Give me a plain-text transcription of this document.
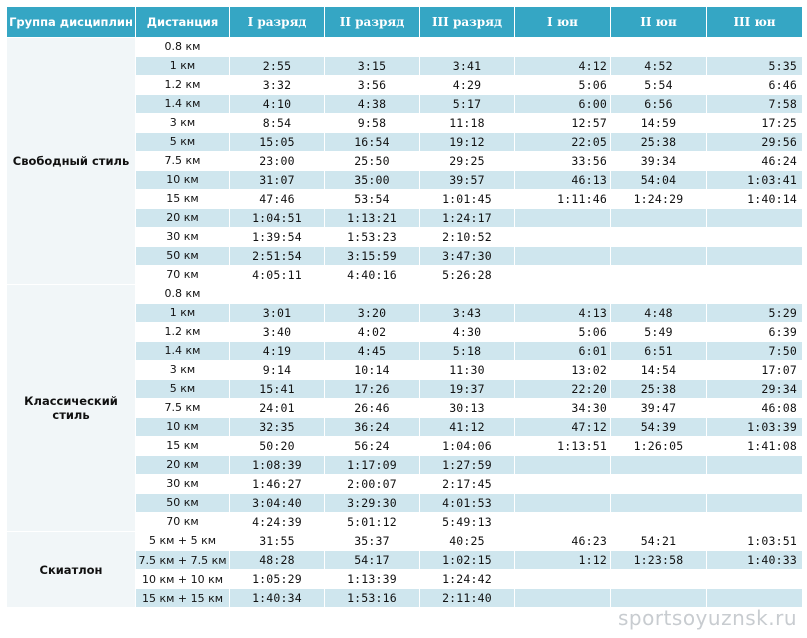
Группа дисциплин	Дистанция	I разряд	II разряд	III разряд	I юн	II юн	III юн
Свободный стиль	0.8 км						
	1 км	2:55	3:15	3:41	4:12	4:52	5:35
	1.2 км	3:32	3:56	4:29	5:06	5:54	6:46
	1.4 км	4:10	4:38	5:17	6:00	6:56	7:58
	3 км	8:54	9:58	11:18	12:57	14:59	17:25
	5 км	15:05	16:54	19:12	22:05	25:38	29:56
	7.5 км	23:00	25:50	29:25	33:56	39:34	46:24
	10 км	31:07	35:00	39:57	46:13	54:04	1:03:41
	15 км	47:46	53:54	1:01:45	1:11:46	1:24:29	1:40:14
	20 км	1:04:51	1:13:21	1:24:17			
	30 км	1:39:54	1:53:23	2:10:52			
	50 км	2:51:54	3:15:59	3:47:30			
	70 км	4:05:11	4:40:16	5:26:28			
Классический стиль	0.8 км						
	1 км	3:01	3:20	3:43	4:13	4:48	5:29
	1.2 км	3:40	4:02	4:30	5:06	5:49	6:39
	1.4 км	4:19	4:45	5:18	6:01	6:51	7:50
	3 км	9:14	10:14	11:30	13:02	14:54	17:07
	5 км	15:41	17:26	19:37	22:20	25:38	29:34
	7.5 км	24:01	26:46	30:13	34:30	39:47	46:08
	10 км	32:35	36:24	41:12	47:12	54:39	1:03:39
	15 км	50:20	56:24	1:04:06	1:13:51	1:26:05	1:41:08
	20 км	1:08:39	1:17:09	1:27:59			
	30 км	1:46:27	2:00:07	2:17:45			
	50 км	3:04:40	3:29:30	4:01:53			
	70 км	4:24:39	5:01:12	5:49:13			
Скиатлон	5 км + 5 км	31:55	35:37	40:25	46:23	54:21	1:03:51
	7.5 км + 7.5 км	48:28	54:17	1:02:15	1:12	1:23:58	1:40:33
	10 км + 10 км	1:05:29	1:13:39	1:24:42			
	15 км + 15 км	1:40:34	1:53:16	2:11:40			
sportsoyuznsk.ru
